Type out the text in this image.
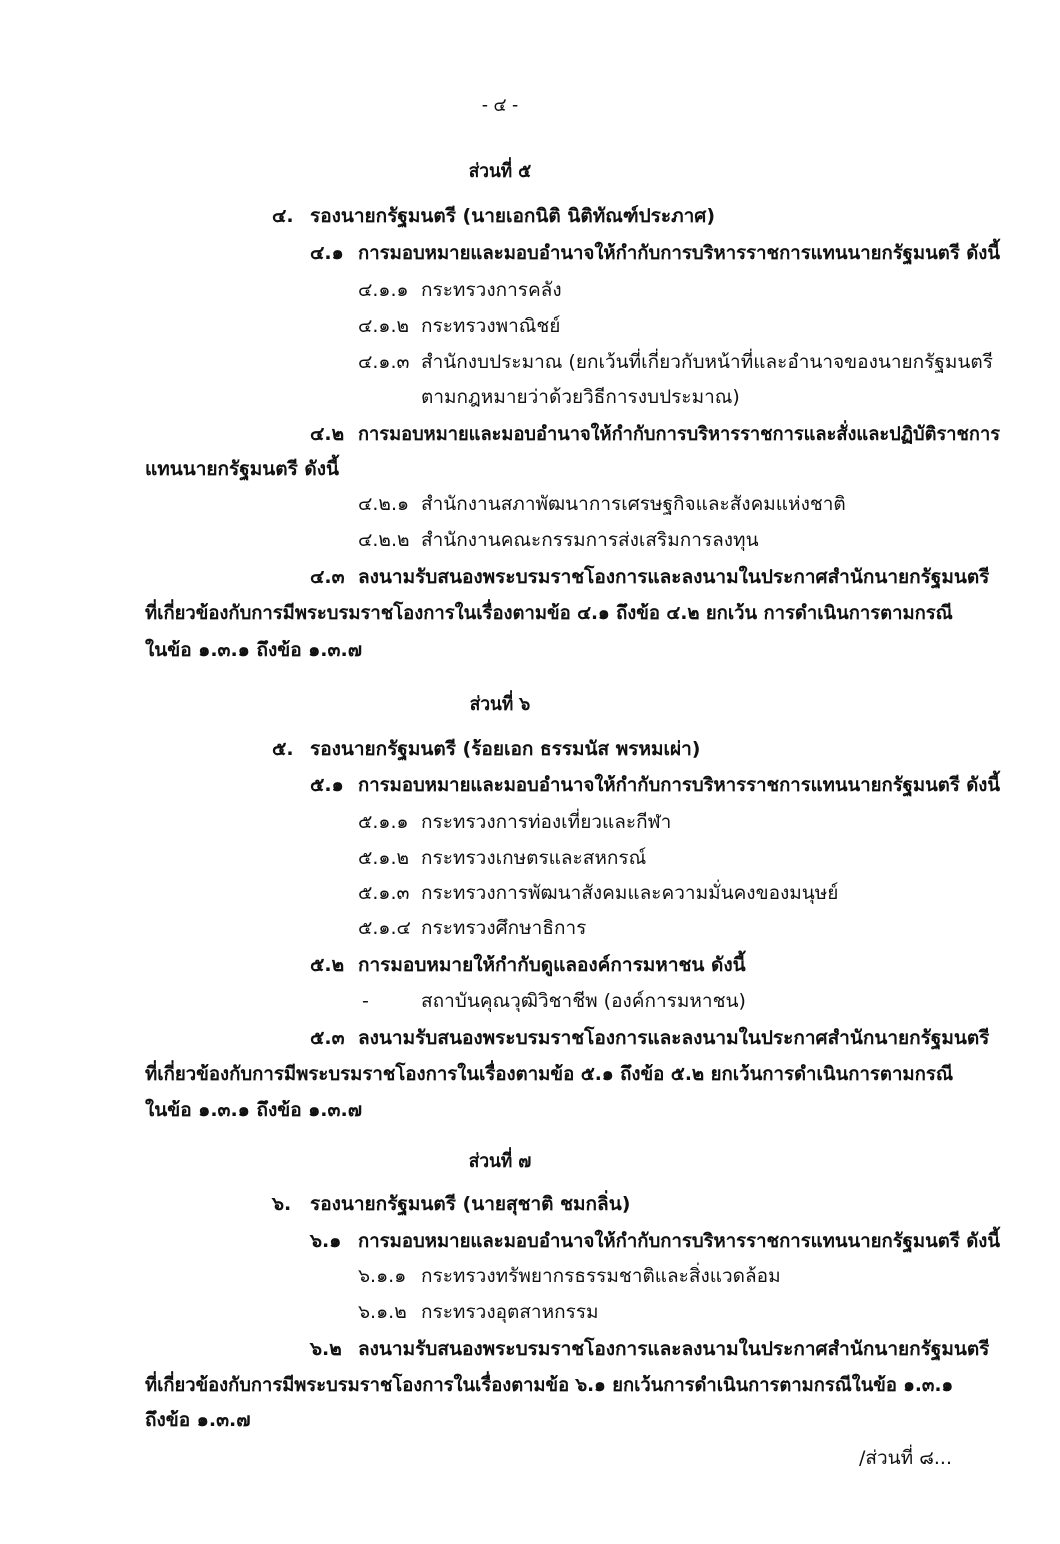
- ๔ -
ส่วนที่ ๕
๔. รองนายกรัฐมนตรี (นายเอกนิติ นิติทัณฑ์ประภาศ)
๔.๑ การมอบหมายและมอบอำนาจให้กำกับการบริหารราชการแทนนายกรัฐมนตรี ดังนี้
๔.๑.๑ กระทรวงการคลัง
๔.๑.๒ กระทรวงพาณิชย์
๔.๑.๓ สำนักงบประมาณ (ยกเว้นที่เกี่ยวกับหน้าที่และอำนาจของนายกรัฐมนตรี
ตามกฎหมายว่าด้วยวิธีการงบประมาณ)
๔.๒ การมอบหมายและมอบอำนาจให้กำกับการบริหารราชการและสั่งและปฏิบัติราชการ
แทนนายกรัฐมนตรี ดังนี้
๔.๒.๑ สำนักงานสภาพัฒนาการเศรษฐกิจและสังคมแห่งชาติ
๔.๒.๒ สำนักงานคณะกรรมการส่งเสริมการลงทุน
๔.๓ ลงนามรับสนองพระบรมราชโองการและลงนามในประกาศสำนักนายกรัฐมนตรี
ที่เกี่ยวข้องกับการมีพระบรมราชโองการในเรื่องตามข้อ ๔.๑ ถึงข้อ ๔.๒ ยกเว้น การดำเนินการตามกรณี
ในข้อ ๑.๓.๑ ถึงข้อ ๑.๓.๗
ส่วนที่ ๖
๕. รองนายกรัฐมนตรี (ร้อยเอก ธรรมนัส พรหมเผ่า)
๕.๑ การมอบหมายและมอบอำนาจให้กำกับการบริหารราชการแทนนายกรัฐมนตรี ดังนี้
๕.๑.๑ กระทรวงการท่องเที่ยวและกีฬา
๕.๑.๒ กระทรวงเกษตรและสหกรณ์
๕.๑.๓ กระทรวงการพัฒนาสังคมและความมั่นคงของมนุษย์
๕.๑.๔ กระทรวงศึกษาธิการ
๕.๒ การมอบหมายให้กำกับดูแลองค์การมหาชน ดังนี้
-	สถาบันคุณวุฒิวิชาชีพ (องค์การมหาชน)
๕.๓ ลงนามรับสนองพระบรมราชโองการและลงนามในประกาศสำนักนายกรัฐมนตรี
ที่เกี่ยวข้องกับการมีพระบรมราชโองการในเรื่องตามข้อ ๕.๑ ถึงข้อ ๕.๒ ยกเว้นการดำเนินการตามกรณี
ในข้อ ๑.๓.๑ ถึงข้อ ๑.๓.๗
ส่วนที่ ๗
๖. รองนายกรัฐมนตรี (นายสุชาติ ชมกลิ่น)
๖.๑ การมอบหมายและมอบอำนาจให้กำกับการบริหารราชการแทนนายกรัฐมนตรี ดังนี้
๖.๑.๑ กระทรวงทรัพยากรธรรมชาติและสิ่งแวดล้อม
๖.๑.๒ กระทรวงอุตสาหกรรม
๖.๒ ลงนามรับสนองพระบรมราชโองการและลงนามในประกาศสำนักนายกรัฐมนตรี
ที่เกี่ยวข้องกับการมีพระบรมราชโองการในเรื่องตามข้อ ๖.๑ ยกเว้นการดำเนินการตามกรณีในข้อ ๑.๓.๑
ถึงข้อ ๑.๓.๗
/ส่วนที่ ๘...
